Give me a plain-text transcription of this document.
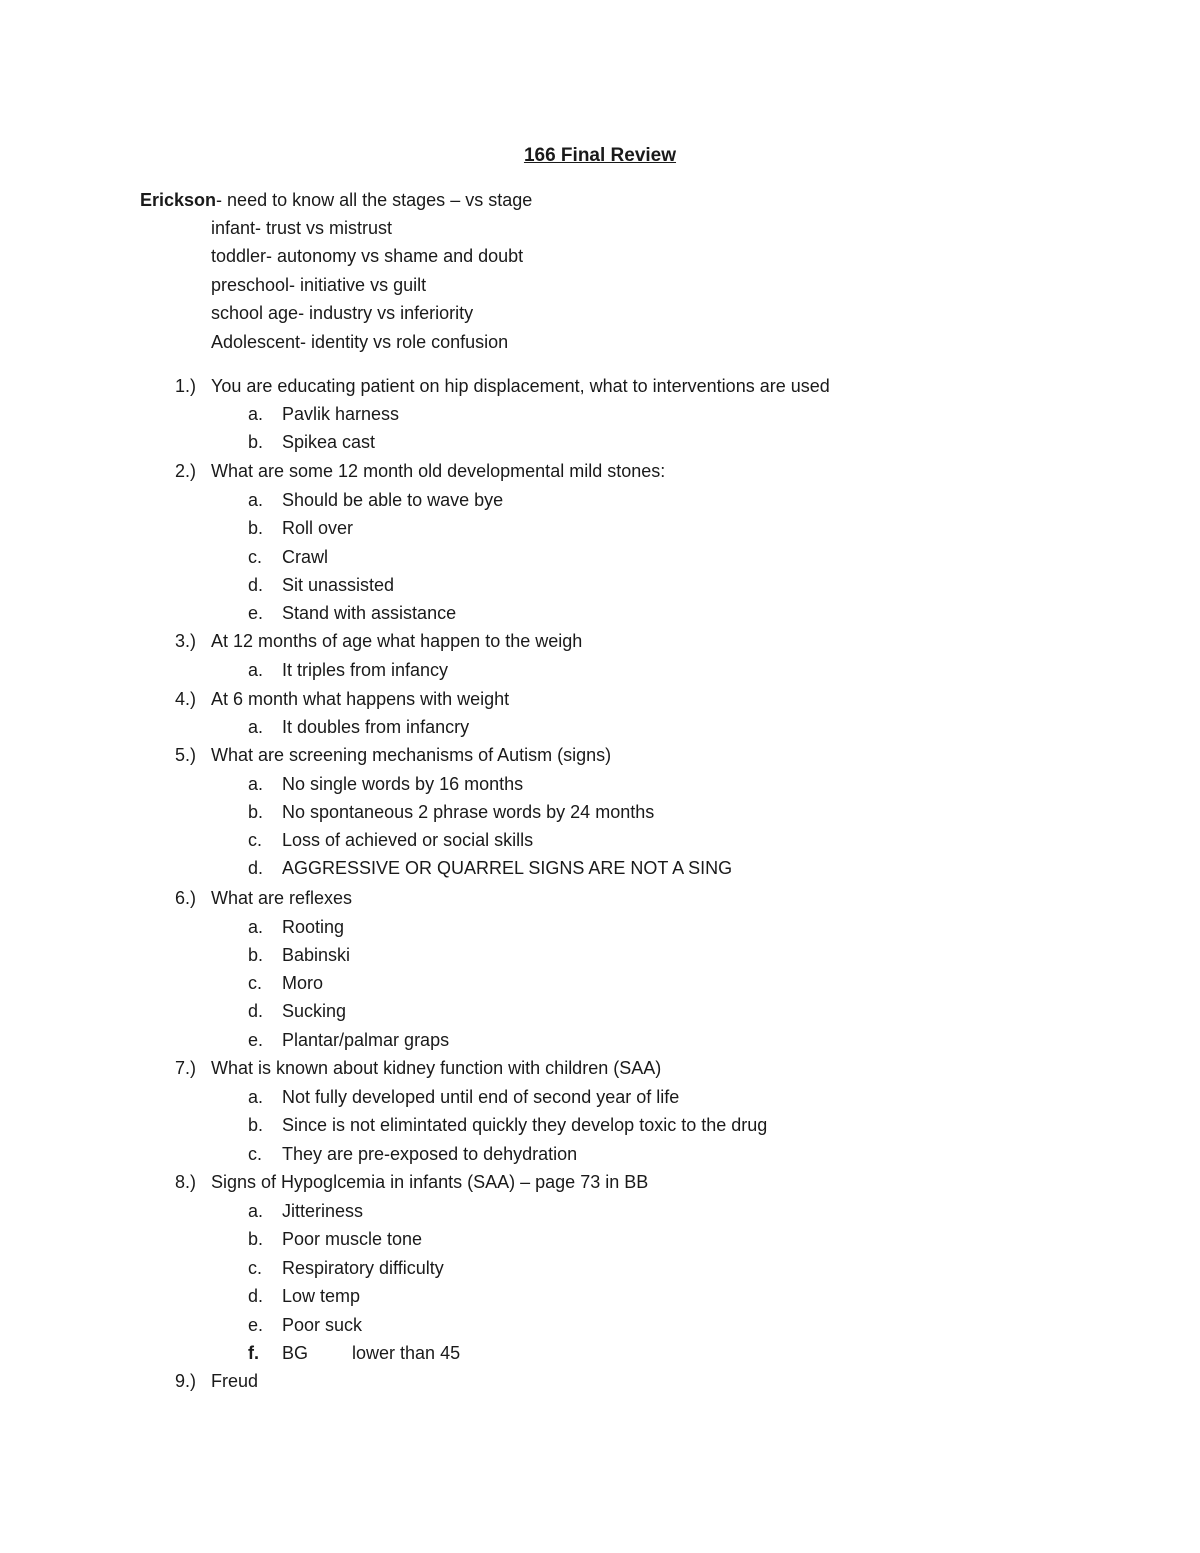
166 Final Review
Erickson- need to know all the stages – vs stage
infant- trust vs mistrust
toddler- autonomy vs shame and doubt
preschool- initiative vs guilt
school age- industry vs inferiority
Adolescent- identity vs role confusion
1.) You are educating patient on hip displacement, what to interventions are used
a. Pavlik harness
b. Spikea cast
2.) What are some 12 month old developmental mild stones:
a. Should be able to wave bye
b. Roll over
c. Crawl
d. Sit unassisted
e. Stand with assistance
3.) At 12 months of age what happen to the weigh
a. It triples from infancy
4.) At 6 month what happens with weight
a. It doubles from infancry
5.) What are screening mechanisms of Autism (signs)
a. No single words by 16 months
b. No spontaneous 2 phrase words by 24 months
c. Loss of achieved or social skills
d. AGGRESSIVE OR QUARREL SIGNS ARE NOT A SING
6.) What are reflexes
a. Rooting
b. Babinski
c. Moro
d. Sucking
e. Plantar/palmar graps
7.) What is known about kidney function with children (SAA)
a. Not fully developed until end of second year of life
b. Since is not elimintated quickly they develop toxic to the drug
c. They are pre-exposed to dehydration
8.) Signs of Hypoglcemia in infants (SAA) – page 73 in BB
a. Jitteriness
b. Poor muscle tone
c. Respiratory difficulty
d. Low temp
e. Poor suck
f. BG lower than 45
9.) Freud
